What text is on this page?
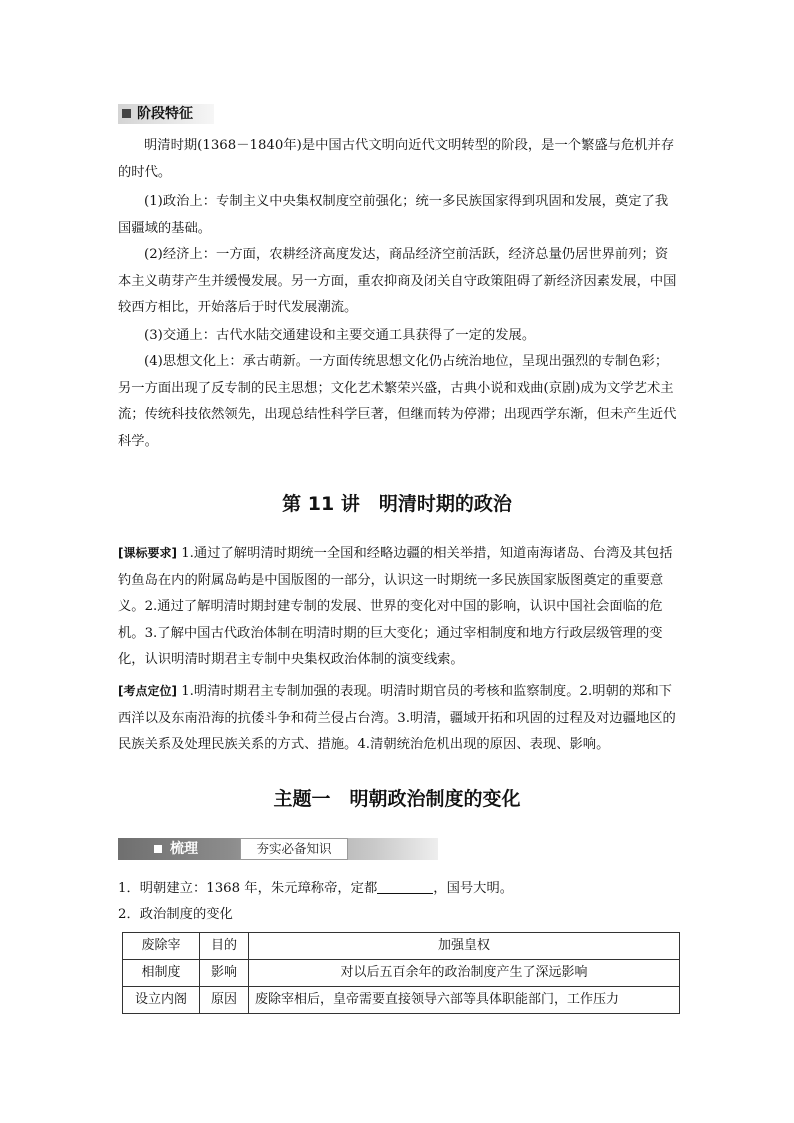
阶段特征

明清时期(1368－1840年)是中国古代文明向近代文明转型的阶段，是一个繁盛与危机并存的时代。

(1)政治上：专制主义中央集权制度空前强化；统一多民族国家得到巩固和发展，奠定了我国疆域的基础。

(2)经济上：一方面，农耕经济高度发达，商品经济空前活跃，经济总量仍居世界前列；资本主义萌芽产生并缓慢发展。另一方面，重农抑商及闭关自守政策阻碍了新经济因素发展，中国较西方相比，开始落后于时代发展潮流。

(3)交通上：古代水陆交通建设和主要交通工具获得了一定的发展。

(4)思想文化上：承古萌新。一方面传统思想文化仍占统治地位，呈现出强烈的专制色彩；另一方面出现了反专制的民主思想；文化艺术繁荣兴盛，古典小说和戏曲(京剧)成为文学艺术主流；传统科技依然领先，出现总结性科学巨著，但继而转为停滞；出现西学东渐，但未产生近代科学。

第 11 讲　明清时期的政治

[课标要求] 1.通过了解明清时期统一全国和经略边疆的相关举措，知道南海诸岛、台湾及其包括钓鱼岛在内的附属岛屿是中国版图的一部分，认识这一时期统一多民族国家版图奠定的重要意义。2.通过了解明清时期封建专制的发展、世界的变化对中国的影响，认识中国社会面临的危机。3.了解中国古代政治体制在明清时期的巨大变化；通过宰相制度和地方行政层级管理的变化，认识明清时期君主专制中央集权政治体制的演变线索。

[考点定位] 1.明清时期君主专制加强的表现。明清时期官员的考核和监察制度。2.明朝的郑和下西洋以及东南沿海的抗倭斗争和荷兰侵占台湾。3.明清，疆域开拓和巩固的过程及对边疆地区的民族关系及处理民族关系的方式、措施。4.清朝统治危机出现的原因、表现、影响。

主题一　明朝政治制度的变化
梳理	夯实必备知识

1．明朝建立：1368 年，朱元璋称帝，定都	，国号大明。

2．政治制度的变化

废除宰	目的	加强皇权
相制度	影响	对以后五百余年的政治制度产生了深远影响
设立内阁	原因	废除宰相后，皇帝需要直接领导六部等具体职能部门，工作压力
